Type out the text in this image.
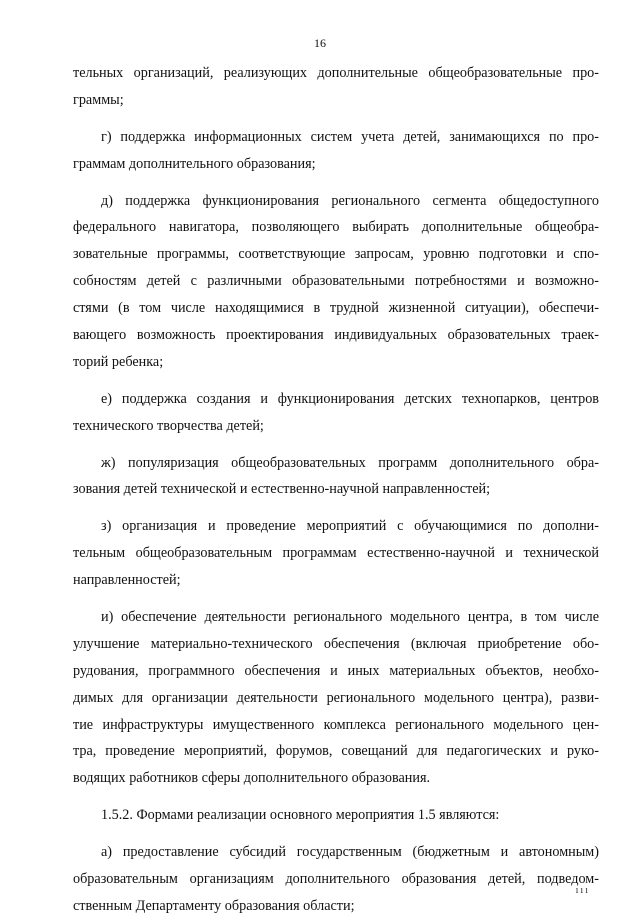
16
тельных организаций, реализующих дополнительные общеобразовательные про-
граммы;
г) поддержка информационных систем учета детей, занимающихся по про-
граммам дополнительного образования;
д) поддержка функционирования регионального сегмента общедоступного
федерального навигатора, позволяющего выбирать дополнительные общеобра-
зовательные программы, соответствующие запросам, уровню подготовки и спо-
собностям детей с различными образовательными потребностями и возможно-
стями (в том числе находящимися в трудной жизненной ситуации), обеспечи-
вающего возможность проектирования индивидуальных образовательных траек-
торий ребенка;
е) поддержка создания и функционирования детских технопарков, центров
технического творчества детей;
ж) популяризация общеобразовательных программ дополнительного обра-
зования детей технической и естественно-научной направленностей;
з) организация и проведение мероприятий с обучающимися по дополни-
тельным общеобразовательным программам естественно-научной и технической
направленностей;
и) обеспечение деятельности регионального модельного центра, в том числе
улучшение материально-технического обеспечения (включая приобретение обо-
рудования, программного обеспечения и иных материальных объектов, необхо-
димых для организации деятельности регионального модельного центра), разви-
тие инфраструктуры имущественного комплекса регионального модельного цен-
тра, проведение мероприятий, форумов, совещаний для педагогических и руко-
водящих работников сферы дополнительного образования.
1.5.2. Формами реализации основного мероприятия 1.5 являются:
а) предоставление субсидий государственным (бюджетным и автономным)
образовательным организациям дополнительного образования детей, подведом-
ственным Департаменту образования области;
ııı
